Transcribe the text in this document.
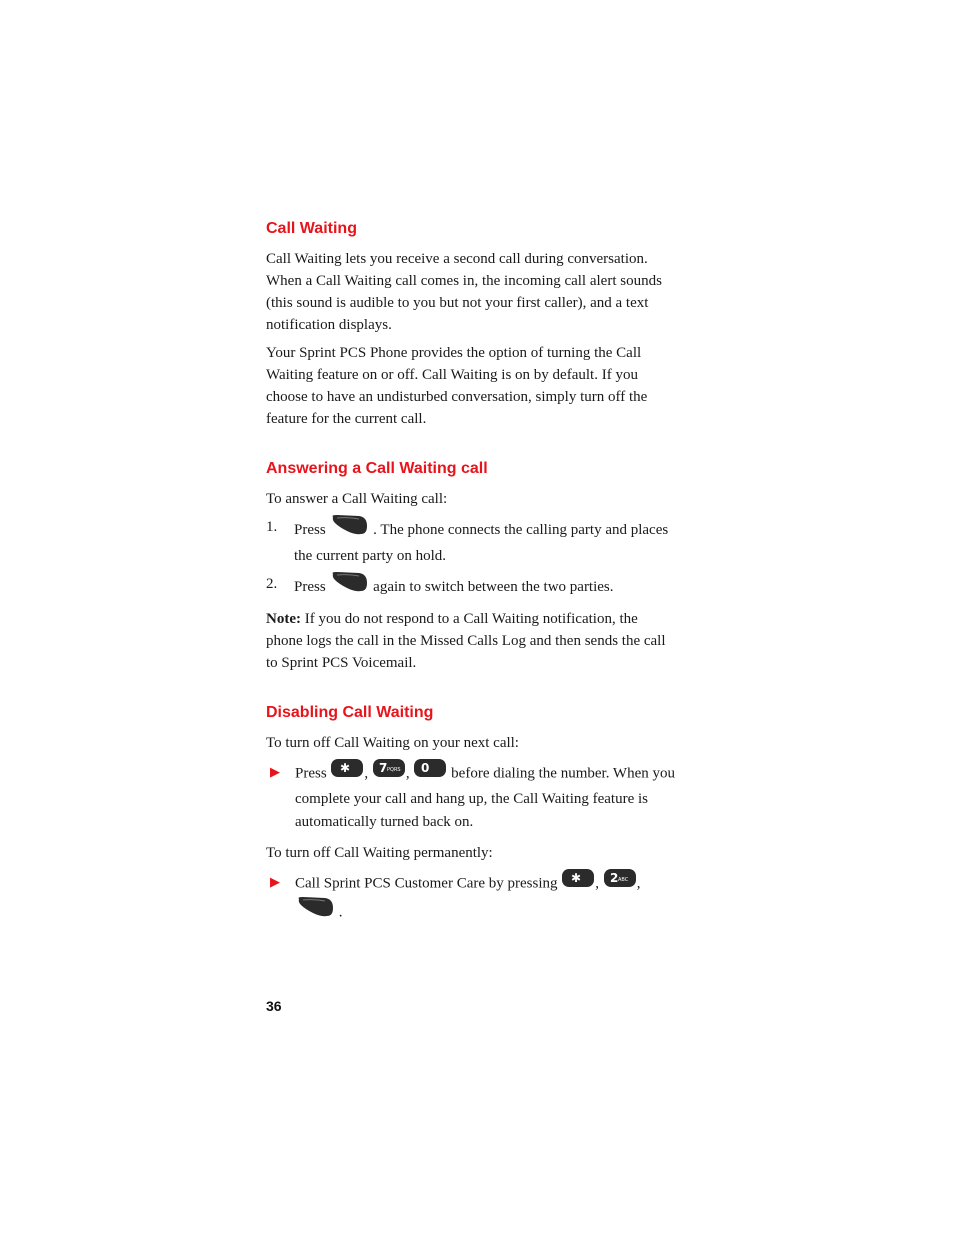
Call Waiting

Call Waiting lets you receive a second call during conversation. When a Call Waiting call comes in, the incoming call alert sounds (this sound is audible to you but not your first caller), and a text notification displays.

Your Sprint PCS Phone provides the option of turning the Call Waiting feature on or off. Call Waiting is on by default. If you choose to have an undisturbed conversation, simply turn off the feature for the current call.

Answering a Call Waiting call

To answer a Call Waiting call:

1. Press	. The phone connects the calling party and places the current party on hold.
2. Press	again to switch between the two parties.

Note: If you do not respond to a Call Waiting notification, the phone logs the call in the Missed Calls Log and then sends the call to Sprint PCS Voicemail.

Disabling Call Waiting

To turn off Call Waiting on your next call:

▶ Press ✱ , 7 PQRS , 0 before dialing the number. When you complete your call and hang up, the Call Waiting feature is automatically turned back on.

To turn off Call Waiting permanently:

▶ Call Sprint PCS Customer Care by pressing ✱ , 2 ABC ,
.
36
